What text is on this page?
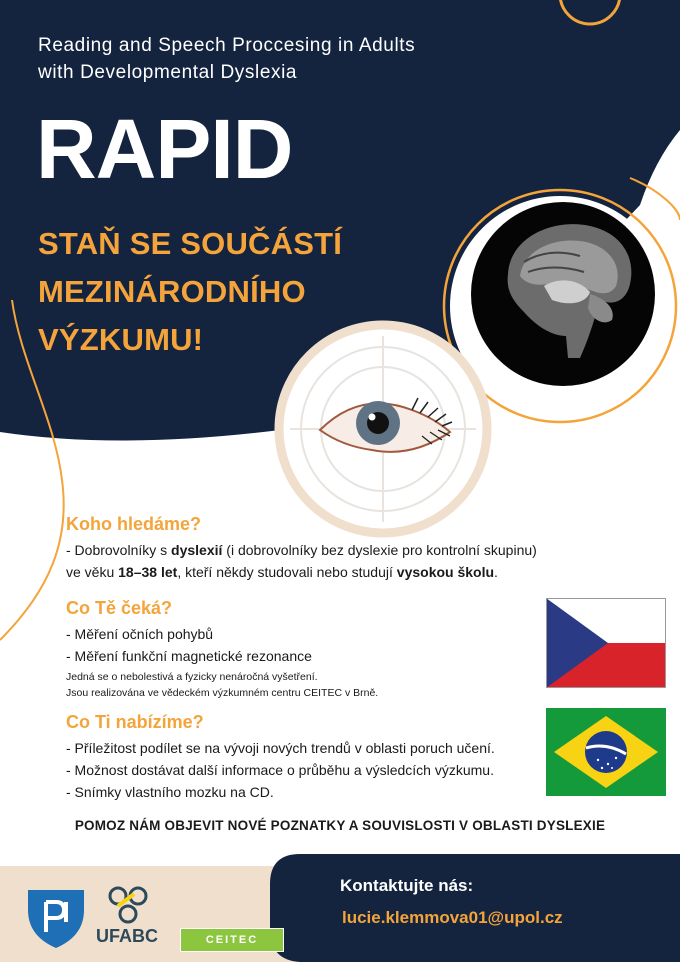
Reading and Speech Proccesing in Adults
with Developmental Dyslexia
RAPID
STAŇ SE SOUČÁSTÍ
MEZINÁRODNÍHO
VÝZKUMU!
Koho hledáme?
- Dobrovolníky s dyslexií (i dobrovolníky bez dyslexie pro kontrolní skupinu)
ve věku 18–38 let, kteří někdy studovali nebo studují vysokou školu.
Co Tě čeká?
- Měření očních pohybů
- Měření funkční magnetické rezonance
Jedná se o nebolestivá a fyzicky nenáročná vyšetření.
Jsou realizována ve vědeckém výzkumném centru CEITEC v Brně.
Co Ti nabízíme?
- Příležitost podílet se na vývoji nových trendů v oblasti poruch učení.
- Možnost dostávat další informace o průběhu a výsledcích výzkumu.
- Snímky vlastního mozku na CD.
POMOZ NÁM OBJEVIT NOVÉ POZNATKY A SOUVISLOSTI V OBLASTI DYSLEXIE
UFABC	CEITEC
Kontaktujte nás:
lucie.klemmova01@upol.cz
